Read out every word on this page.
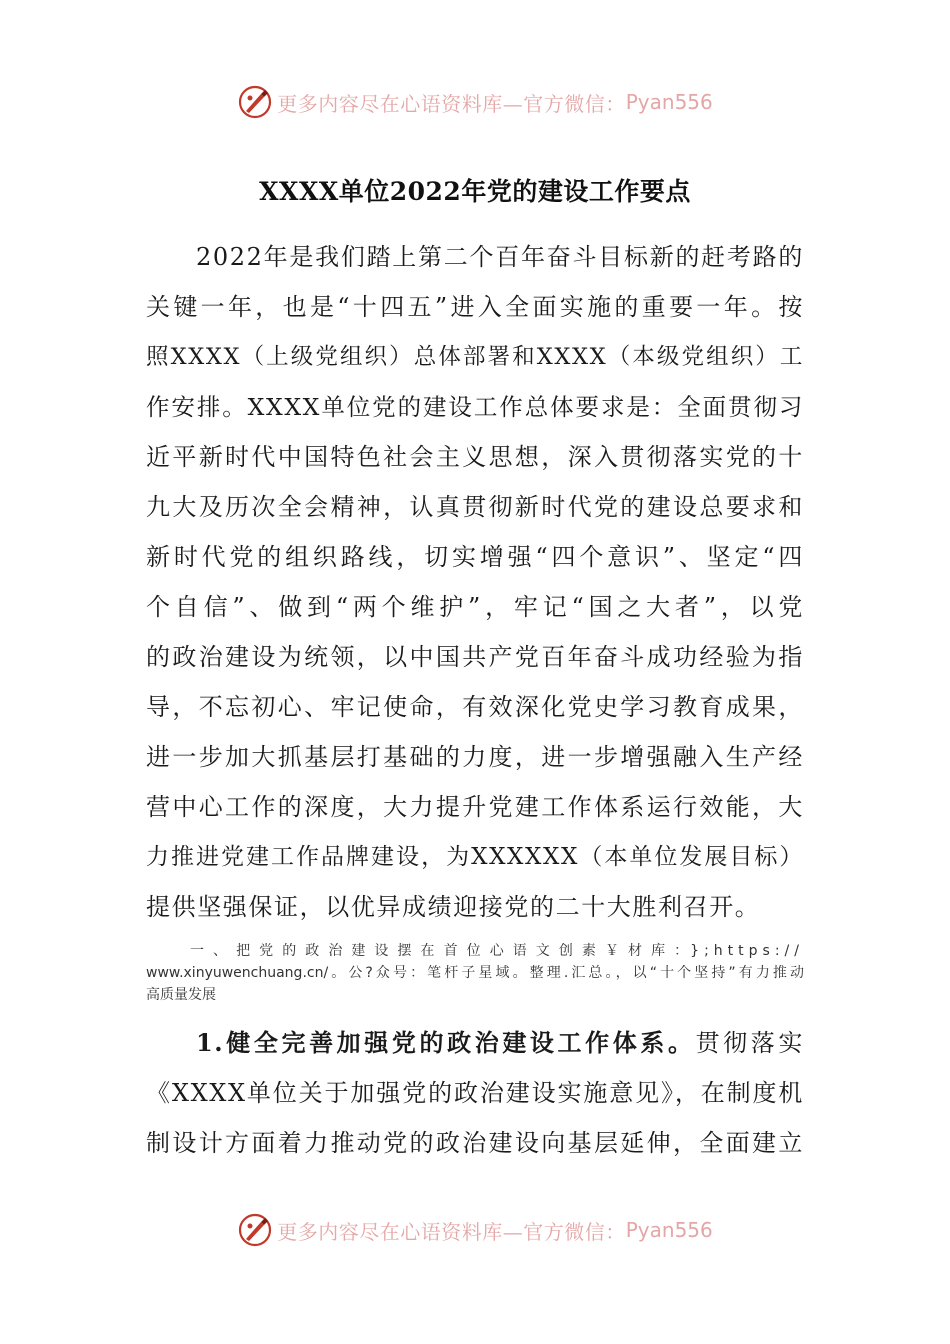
更多内容尽在心语资料库—官方微信： Pyan556
XXXX单位2022年党的建设工作要点
2022年是我们踏上第二个百年奋斗目标新的赶考路的
关键一年，也是“十四五”进入全面实施的重要一年。按
照XXXX（上级党组织）总体部署和XXXX（本级党组织）工
作安排。XXXX单位党的建设工作总体要求是：全面贯彻习
近平新时代中国特色社会主义思想，深入贯彻落实党的十
九大及历次全会精神，认真贯彻新时代党的建设总要求和
新时代党的组织路线，切实增强“四个意识”、坚定“四
个自信”、做到“两个维护”，牢记“国之大者”，以党
的政治建设为统领，以中国共产党百年奋斗成功经验为指
导，不忘初心、牢记使命，有效深化党史学习教育成果，
进一步加大抓基层打基础的力度，进一步增强融入生产经
营中心工作的深度，大力提升党建工作体系运行效能，大
力推进党建工作品牌建设，为XXXXXX（本单位发展目标）
提供坚强保证，以优异成绩迎接党的二十大胜利召开。
一、把党的政治建设摆在首位心语文创素￥材库：};https://
www.xinyuwenchuang.cn/。公?众号：笔杆子星域。整理.汇总。，以“十个坚持”有力推动
高质量发展
1.健全完善加强党的政治建设工作体系。贯彻落实
《XXXX单位关于加强党的政治建设实施意见》，在制度机
制设计方面着力推动党的政治建设向基层延伸，全面建立
更多内容尽在心语资料库—官方微信： Pyan556
